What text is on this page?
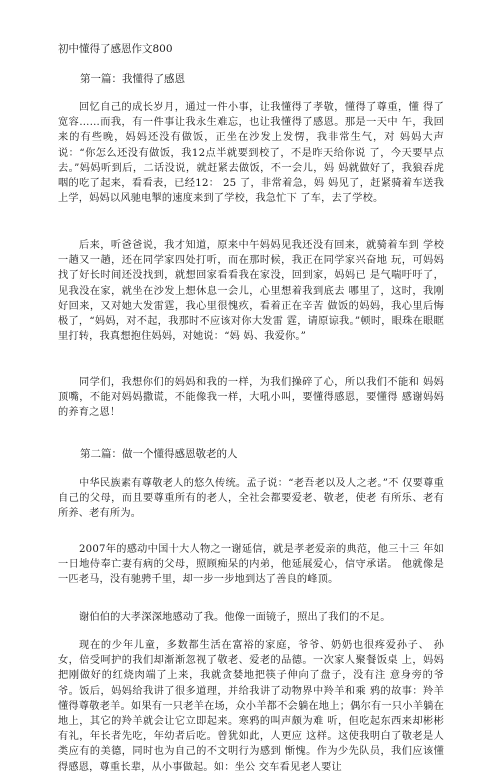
初中懂得了感恩作文800
第一篇：我懂得了感恩

回忆自己的成长岁月，通过一件小事，让我懂得了孝敬，懂得了尊重，懂 得了宽容……而我，有一件事让我永生难忘，也让我懂得了感恩。那是一天中 午，我回来的有些晚，妈妈还没有做饭，正坐在沙发上发愣，我非常生气，对 妈妈大声说：“你怎么还没有做饭，我12点半就要到校了，不是昨天给你说 了，今天要早点去。”妈妈听到后，二话没说，就赶紧去做饭，不一会儿，妈 妈就做好了，我狼吞虎咽的吃了起来，看看表，已经12： 25 了，非常着急，妈 妈见了，赶紧骑着车送我上学，妈妈以风驰电掣的速度来到了学校，我急忙下 了车，去了学校。

后来，听爸爸说，我才知道，原来中午妈妈见我还没有回来，就骑着车到 学校一趟又一趟，还在同学家四处打听，而在那时候，我正在同学家兴奋地 玩，可妈妈找了好长时间还没找到，就想回家看看我在家没，回到家，妈妈已 是气喘吁吁了，见我没在家，就坐在沙发上想休息一会儿，心里想着我到底去 哪里了，这时，我刚好回来，又对她大发雷霆，我心里很愧疚，看着正在辛苦 做饭的妈妈，我心里后悔极了，“妈妈，对不起，我那时不应该对你大发雷 霆，请原谅我。”顿时，眼珠在眼眶里打转，我真想抱住妈妈，对她说：“妈 妈、我爱你。”

同学们，我想你们的妈妈和我的一样，为我们操碎了心，所以我们不能和 妈妈顶嘴，不能对妈妈撒谎，不能像我一样，大吼小叫，要懂得感恩，要懂得 感谢妈妈的养育之恩！

第二篇：做一个懂得感恩敬老的人

中华民族素有尊敬老人的悠久传统。孟子说：“老吾老以及人之老。”不 仅要尊重自己的父母，而且要尊重所有的老人，全社会都要爱老、敬老，使老 有所乐、老有所养、老有所为。

2007年的感动中国十大人物之一谢延信，就是孝老爱亲的典范，他三十三 年如一日地侍奉亡妻有病的父母，照顾痴呆的内弟，他延展爱心，信守承诺。 他就像是一匹老马，没有驰骋千里，却一步一步地到达了善良的峰顶。

谢伯伯的大孝深深地感动了我。他像一面镜子，照出了我们的不足。

现在的少年儿童，多数都生活在富裕的家庭，爷爷、奶奶也很疼爱孙子、 孙女，倍受呵护的我们却渐渐忽视了敬老、爱老的品德。一次家人聚餐饭桌 上，妈妈把刚做好的红烧肉端了上来，我就贪婪地把筷子伸向了盘子，没有注 意身旁的爷爷。饭后，妈妈给我讲了很多道理，并给我讲了动物界中羚羊和乘 鸦的故事：羚羊懂得尊敬老羊。如果有一只老羊在场，众小羊都不会躺在地上；偶尔有一只小羊躺在地上，其它的羚羊就会让它立即起来。寒鸦的叫声颇为难 听，但吃起东西来却彬彬有礼，年长者先吃，年幼者后吃。曾犹如此，人更应 这样。这使我明白了敬老是人类应有的美德，同时也为自己的不文明行为感到 惭愧。作为少先队员，我们应该懂得感恩，尊重长辈，从小事做起。如：坐公 交车看见老人要让
